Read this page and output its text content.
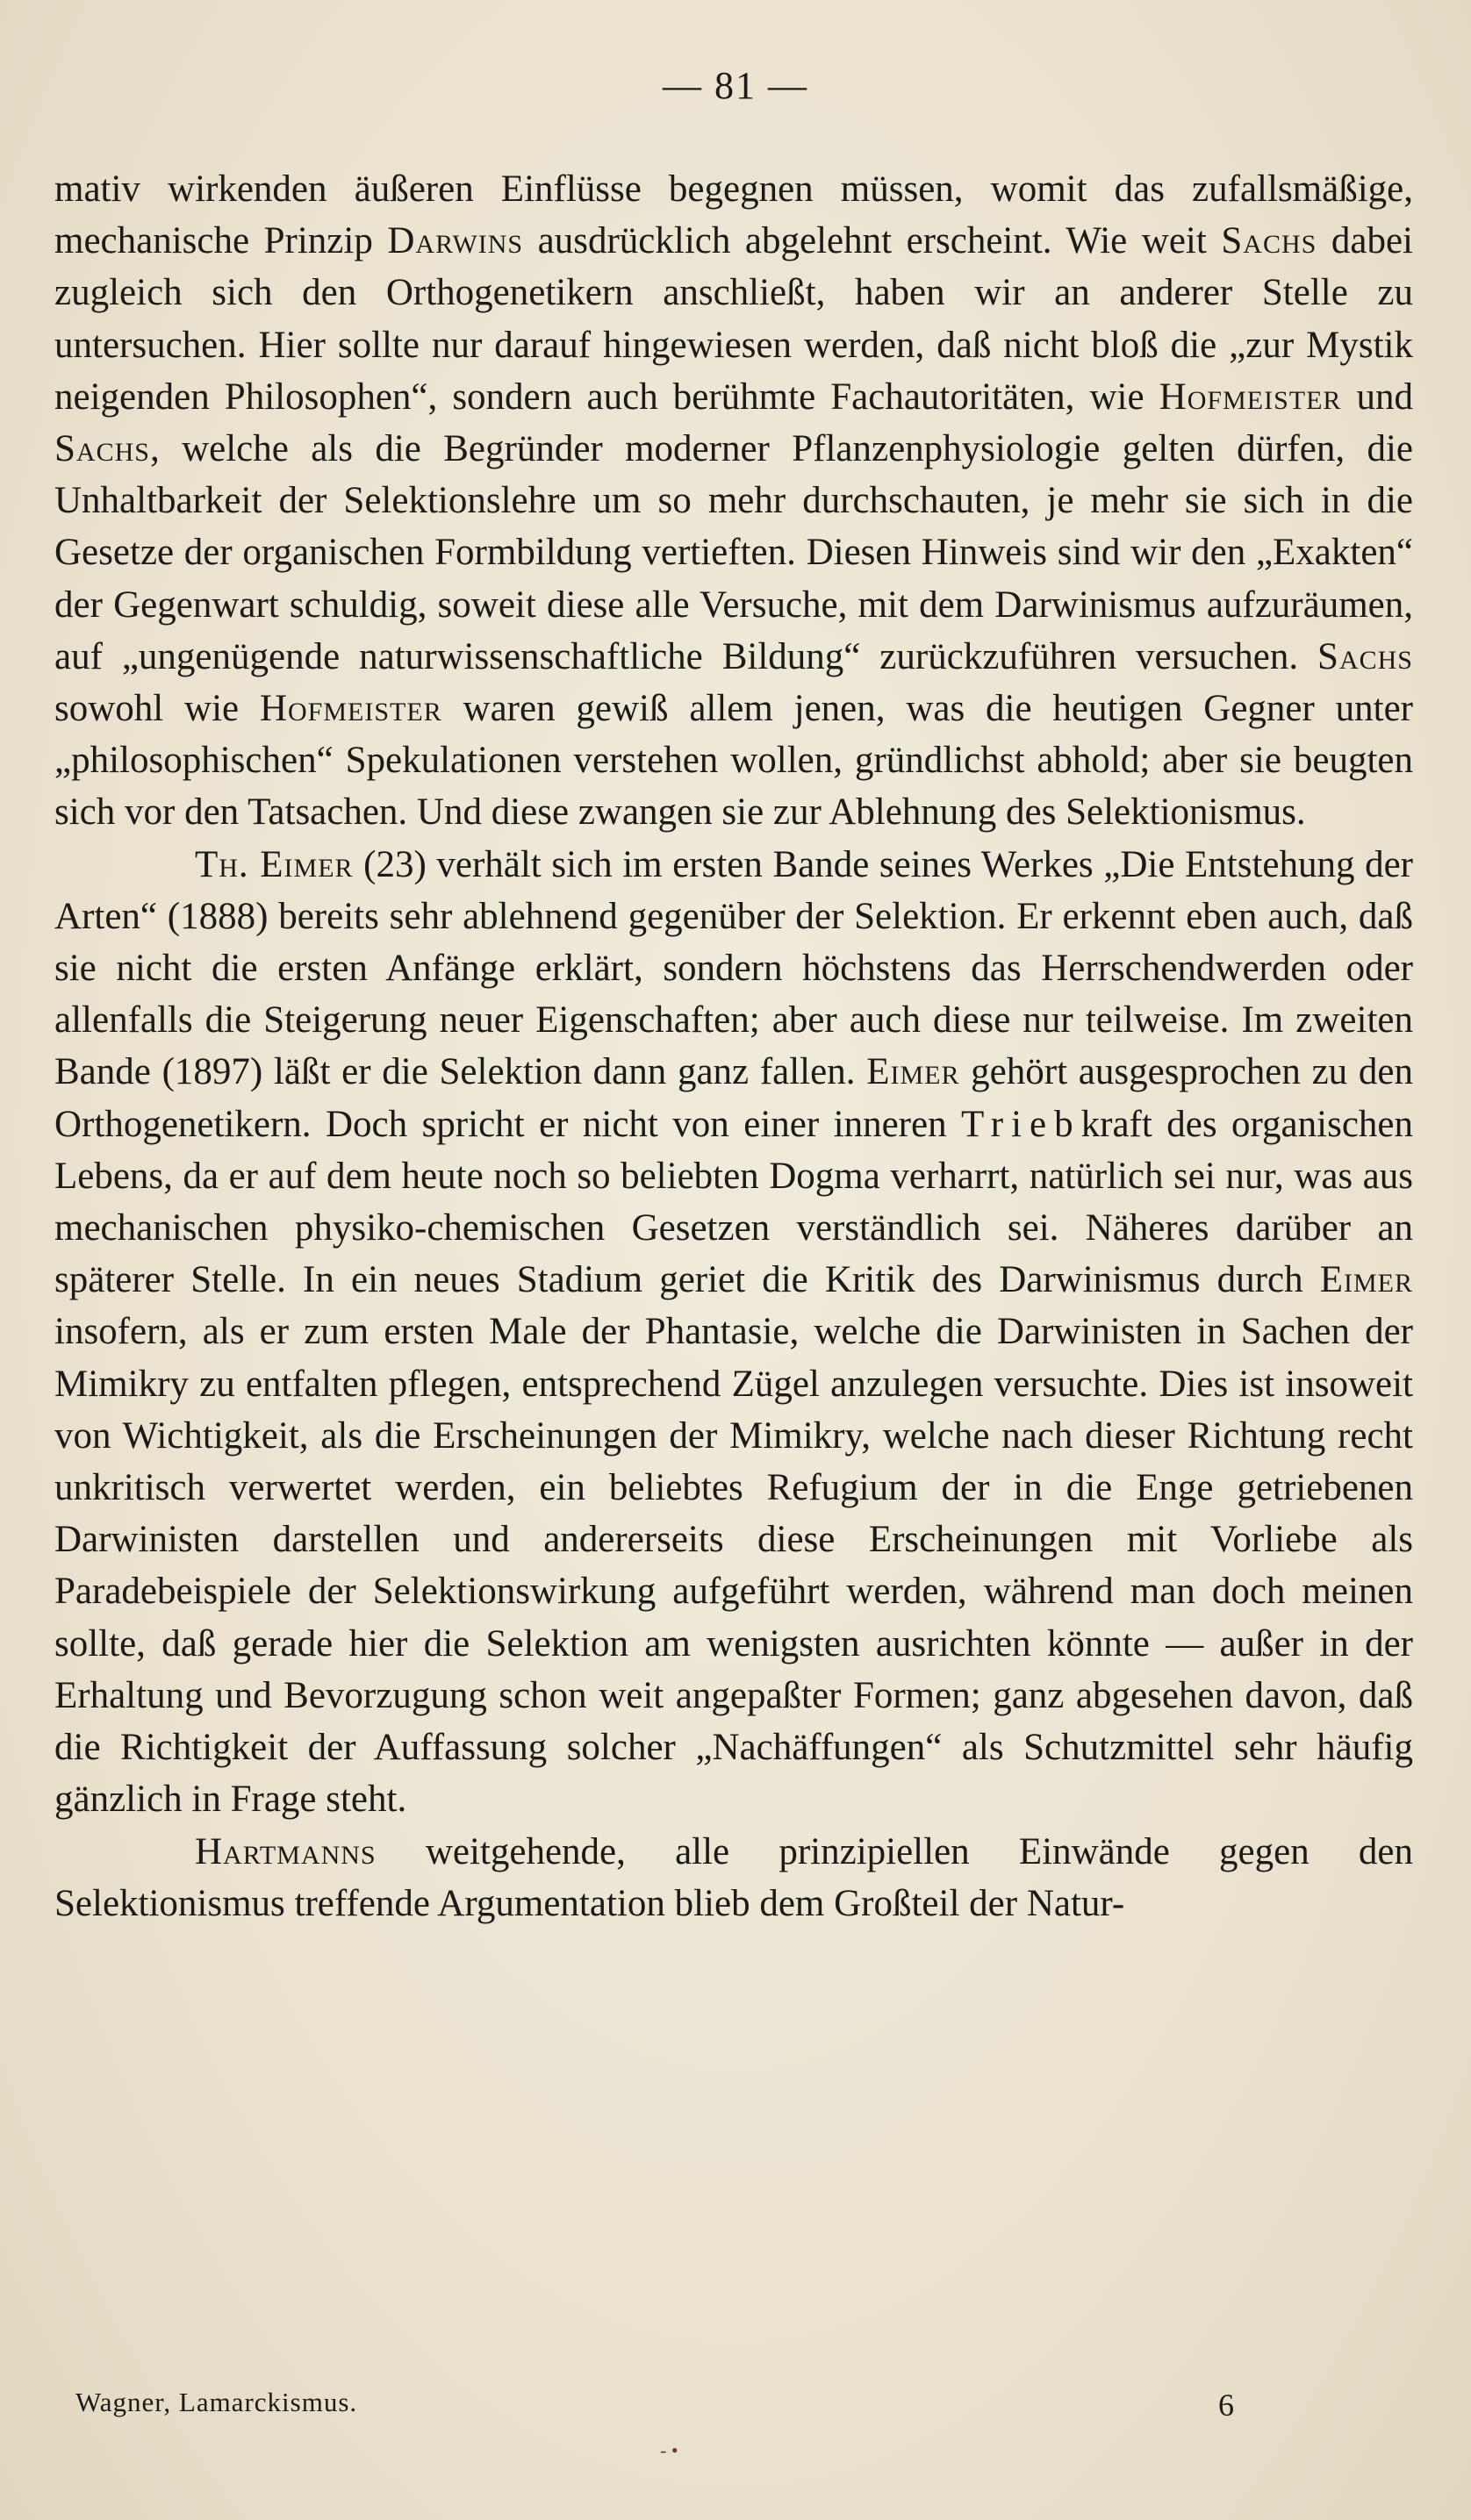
— 81 —

mativ wirkenden äußeren Einflüsse begegnen müssen, womit das zufallsmäßige, mechanische Prinzip Darwins ausdrücklich abgelehnt erscheint. Wie weit Sachs dabei zugleich sich den Orthogenetikern anschließt, haben wir an anderer Stelle zu untersuchen. Hier sollte nur darauf hingewiesen werden, daß nicht bloß die „zur Mystik neigenden Philosophen“, sondern auch berühmte Fachautoritäten, wie Hofmeister und Sachs, welche als die Begründer moderner Pflanzenphysiologie gelten dürfen, die Unhaltbarkeit der Selektionslehre um so mehr durchschauten, je mehr sie sich in die Gesetze der organischen Formbildung vertieften. Diesen Hinweis sind wir den „Exakten“ der Gegenwart schuldig, soweit diese alle Versuche, mit dem Darwinismus aufzuräumen, auf „ungenügende naturwissenschaftliche Bildung“ zurückzuführen versuchen. Sachs sowohl wie Hofmeister waren gewiß allem jenen, was die heutigen Gegner unter „philosophischen“ Spekulationen verstehen wollen, gründlichst abhold; aber sie beugten sich vor den Tatsachen. Und diese zwangen sie zur Ablehnung des Selektionismus.

Th. Eimer (23) verhält sich im ersten Bande seines Werkes „Die Entstehung der Arten“ (1888) bereits sehr ablehnend gegenüber der Selektion. Er erkennt eben auch, daß sie nicht die ersten Anfänge erklärt, sondern höchstens das Herrschendwerden oder allenfalls die Steigerung neuer Eigenschaften; aber auch diese nur teilweise. Im zweiten Bande (1897) läßt er die Selektion dann ganz fallen. Eimer gehört ausgesprochen zu den Orthogenetikern. Doch spricht er nicht von einer inneren Triebkraft des organischen Lebens, da er auf dem heute noch so beliebten Dogma verharrt, natürlich sei nur, was aus mechanischen physiko-chemischen Gesetzen verständlich sei. Näheres darüber an späterer Stelle. In ein neues Stadium geriet die Kritik des Darwinismus durch Eimer insofern, als er zum ersten Male der Phantasie, welche die Darwinisten in Sachen der Mimikry zu entfalten pflegen, entsprechend Zügel anzulegen versuchte. Dies ist insoweit von Wichtigkeit, als die Erscheinungen der Mimikry, welche nach dieser Richtung recht unkritisch verwertet werden, ein beliebtes Refugium der in die Enge getriebenen Darwinisten darstellen und andererseits diese Erscheinungen mit Vorliebe als Paradebeispiele der Selektionswirkung aufgeführt werden, während man doch meinen sollte, daß gerade hier die Selektion am wenigsten ausrichten könnte — außer in der Erhaltung und Bevorzugung schon weit angepaßter Formen; ganz abgesehen davon, daß die Richtigkeit der Auffassung solcher „Nachäffungen“ als Schutzmittel sehr häufig gänzlich in Frage steht.

Hartmanns weitgehende, alle prinzipiellen Einwände gegen den Selektionismus treffende Argumentation blieb dem Großteil der Natur-

Wagner, Lamarckismus.	6
- •
